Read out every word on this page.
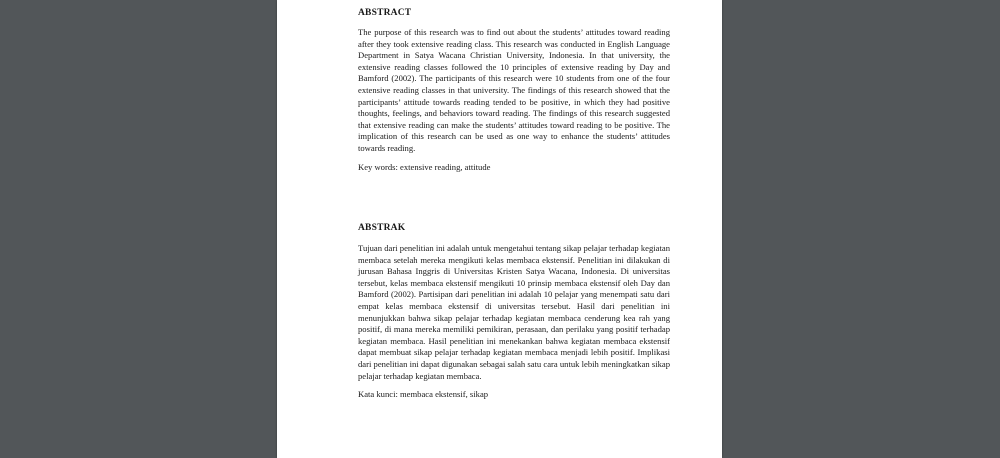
ABSTRACT

The purpose of this research was to find out about the students’ attitudes toward reading after they took extensive reading class. This research was conducted in English Language Department in Satya Wacana Christian University, Indonesia. In that university, the extensive reading classes followed the 10 principles of extensive reading by Day and Bamford (2002). The participants of this research were 10 students from one of the four extensive reading classes in that university. The findings of this research showed that the participants’ attitude towards reading tended to be positive, in which they had positive thoughts, feelings, and behaviors toward reading. The findings of this research suggested that extensive reading can make the students’ attitudes toward reading to be positive. The implication of this research can be used as one way to enhance the students’ attitudes towards reading.

Key words: extensive reading, attitude

ABSTRAK

Tujuan dari penelitian ini adalah untuk mengetahui tentang sikap pelajar terhadap kegiatan membaca setelah mereka mengikuti kelas membaca ekstensif. Penelitian ini dilakukan di jurusan Bahasa Inggris di Universitas Kristen Satya Wacana, Indonesia. Di universitas tersebut, kelas membaca ekstensif mengikuti 10 prinsip membaca ekstensif oleh Day dan Bamford (2002). Partisipan dari penelitian ini adalah 10 pelajar yang menempati satu dari empat kelas membaca ekstensif di universitas tersebut. Hasil dari penelitian ini menunjukkan bahwa sikap pelajar terhadap kegiatan membaca cenderung kea rah yang positif, di mana mereka memiliki pemikiran, perasaan, dan perilaku yang positif terhadap kegiatan membaca. Hasil penelitian ini menekankan bahwa kegiatan membaca ekstensif dapat membuat sikap pelajar terhadap kegiatan membaca menjadi lebih positif. Implikasi dari penelitian ini dapat digunakan sebagai salah satu cara untuk lebih meningkatkan sikap pelajar terhadap kegiatan membaca.

Kata kunci: membaca ekstensif, sikap
